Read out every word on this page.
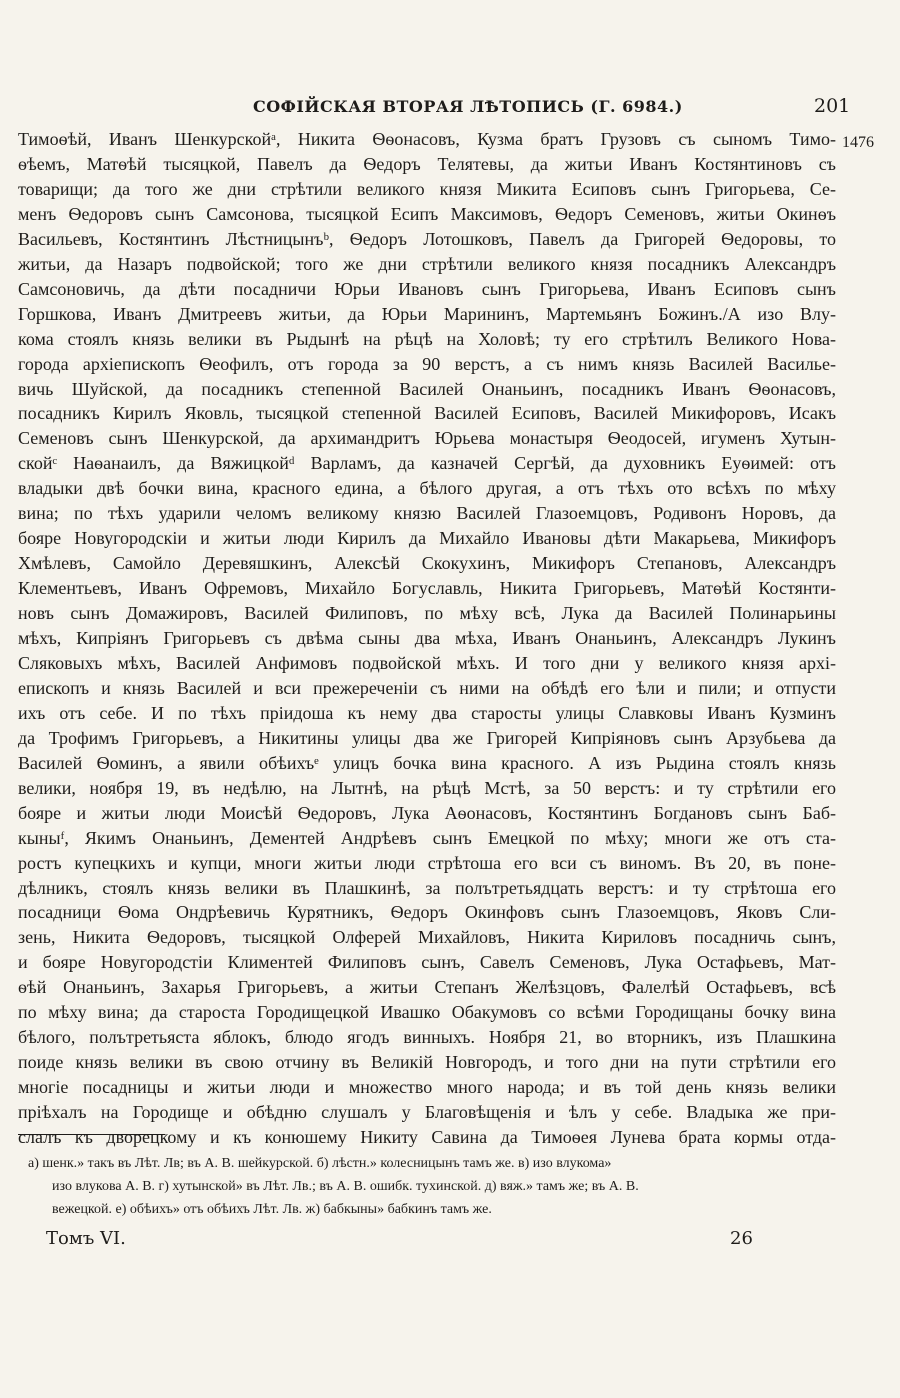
СОФІЙСКАЯ ВТОРАЯ ЛѢТОПИСЬ (Г. 6984.)	201
1476
Тимоѳѣй, Иванъ Шенкурскойᵃ, Никита Ѳѳонасовъ, Кузма братъ Грузовъ съ сыномъ Тимо-
ѳѣемъ, Матѳѣй тысяцкой, Павелъ да Ѳедоръ Телятевы, да житьи Иванъ Костянтиновъ съ
товарищи; да того же дни стрѣтили великого князя Микита Есиповъ сынъ Григорьева, Се-
менъ Ѳедоровъ сынъ Самсонова, тысяцкой Есипъ Максимовъ, Ѳедоръ Семеновъ, житьи Окинѳъ
Васильевъ, Костянтинъ Лѣстницынъᵇ, Ѳедоръ Лотошковъ, Павелъ да Григорей Ѳедоровы, то
житьи, да Назаръ подвойской; того же дни стрѣтили великого князя посадникъ Александръ
Самсоновичь, да дѣти посадничи Юрьи Ивановъ сынъ Григорьева, Иванъ Есиповъ сынъ
Горшкова, Иванъ Дмитреевъ житьи, да Юрьи Марининъ, Мартемьянъ Божинъ./А изо Влу-
кома стоялъ князь велики въ Рыдынѣ на рѣцѣ на Холовѣ; ту его стрѣтилъ Великого Нова-
города архіепископъ Ѳеофилъ, отъ города за 90 верстъ, а съ нимъ князь Василей Василье-
вичь Шуйской, да посадникъ степенной Василей Онаньинъ, посадникъ Иванъ Ѳѳонасовъ,
посадникъ Кирилъ Яковль, тысяцкой степенной Василей Есиповъ, Василей Микифоровъ, Исакъ
Семеновъ сынъ Шенкурской, да архимандритъ Юрьева монастыря Ѳеодосей, игуменъ Хутын-
скойᶜ Наѳанаилъ, да Вяжицкойᵈ Варламъ, да казначей Сергѣй, да духовникъ Еуѳимей: отъ
владыки двѣ бочки вина, красного едина, а бѣлого другая, а отъ тѣхъ ото всѣхъ по мѣху
вина; по тѣхъ ударили челомъ великому князю Василей Глазоемцовъ, Родивонъ Норовъ, да
бояре Новугородскіи и житьи люди Кирилъ да Михайло Ивановы дѣти Макарьева, Микифоръ
Хмѣлевъ, Самойло Деревяшкинъ, Алексѣй Скокухинъ, Микифоръ Степановъ, Александръ
Клементьевъ, Иванъ Офремовъ, Михайло Богуславль, Никита Григорьевъ, Матѳѣй Костянти-
новъ сынъ Домажировъ, Василей Филиповъ, по мѣху всѣ, Лука да Василей Полинарьины
мѣхъ, Кипріянъ Григорьевъ съ двѣма сыны два мѣха, Иванъ Онаньинъ, Александръ Лукинъ
Сляковыхъ мѣхъ, Василей Анфимовъ подвойской мѣхъ. И того дни у великого князя архі-
епископъ и князь Василей и вси прежереченіи съ ними на обѣдѣ его ѣли и пили; и отпусти
ихъ отъ себе. И по тѣхъ пріидоша къ нему два старосты улицы Славковы Иванъ Кузминъ
да Трофимъ Григорьевъ, а Никитины улицы два же Григорей Кипріяновъ сынъ Арзубьева да
Василей Ѳоминъ, а явили обѣихъᵉ улицъ бочка вина красного. А изъ Рыдина стоялъ князь
велики, ноября 19, въ недѣлю, на Лытнѣ, на рѣцѣ Мстѣ, за 50 верстъ: и ту стрѣтили его
бояре и житьи люди Моисѣй Ѳедоровъ, Лука Аѳонасовъ, Костянтинъ Богдановъ сынъ Баб-
кыныᶠ, Якимъ Онаньинъ, Дементей Андрѣевъ сынъ Емецкой по мѣху; многи же отъ ста-
ростъ купецкихъ и купци, многи житьи люди стрѣтоша его вси съ виномъ. Въ 20, въ поне-
дѣлникъ, стоялъ князь велики въ Плашкинѣ, за полътретьядцать верстъ: и ту стрѣтоша его
посадници Ѳома Ондрѣевичь Курятникъ, Ѳедоръ Окинфовъ сынъ Глазоемцовъ, Яковъ Сли-
зень, Никита Ѳедоровъ, тысяцкой Олферей Михайловъ, Никита Кириловъ посадничь сынъ,
и бояре Новугородстіи Климентей Филиповъ сынъ, Савелъ Семеновъ, Лука Остафьевъ, Мат-
ѳѣй Онаньинъ, Захарья Григорьевъ, а житьи Степанъ Желѣзцовъ, Фалелѣй Остафьевъ, всѣ
по мѣху вина; да староста Городищецкой Ивашко Обакумовъ со всѣми Городищаны бочку вина
бѣлого, полътретьяста яблокъ, блюдо ягодъ винныхъ. Ноября 21, во вторникъ, изъ Плашкина
поиде князь велики въ свою отчину въ Великій Новгородъ, и того дни на пути стрѣтили его
многіе посадницы и житьи люди и множество много народа; и въ той день князь велики
пріѣхалъ на Городище и обѣдню слушалъ у Благовѣщенія и ѣлъ у себе. Владыка же при-
слалъ къ дворецкому и къ конюшему Никиту Савина да Тимоѳея Лунева брата кормы отда-
а) шенк.» такъ въ Лѣт. Лв; въ А. В. шейкурской. б) лѣстн.» колесницынъ тамъ же. в) изо влукома»
изо влукова А. В. г) хутынской» въ Лѣт. Лв.; въ А. В. ошибк. тухинской. д) вяж.» тамъ же; въ А. В.
вежецкой. е) обѣихъ» отъ обѣихъ Лѣт. Лв. ж) бабкыны» бабкинъ тамъ же.
Томъ VI.	26
